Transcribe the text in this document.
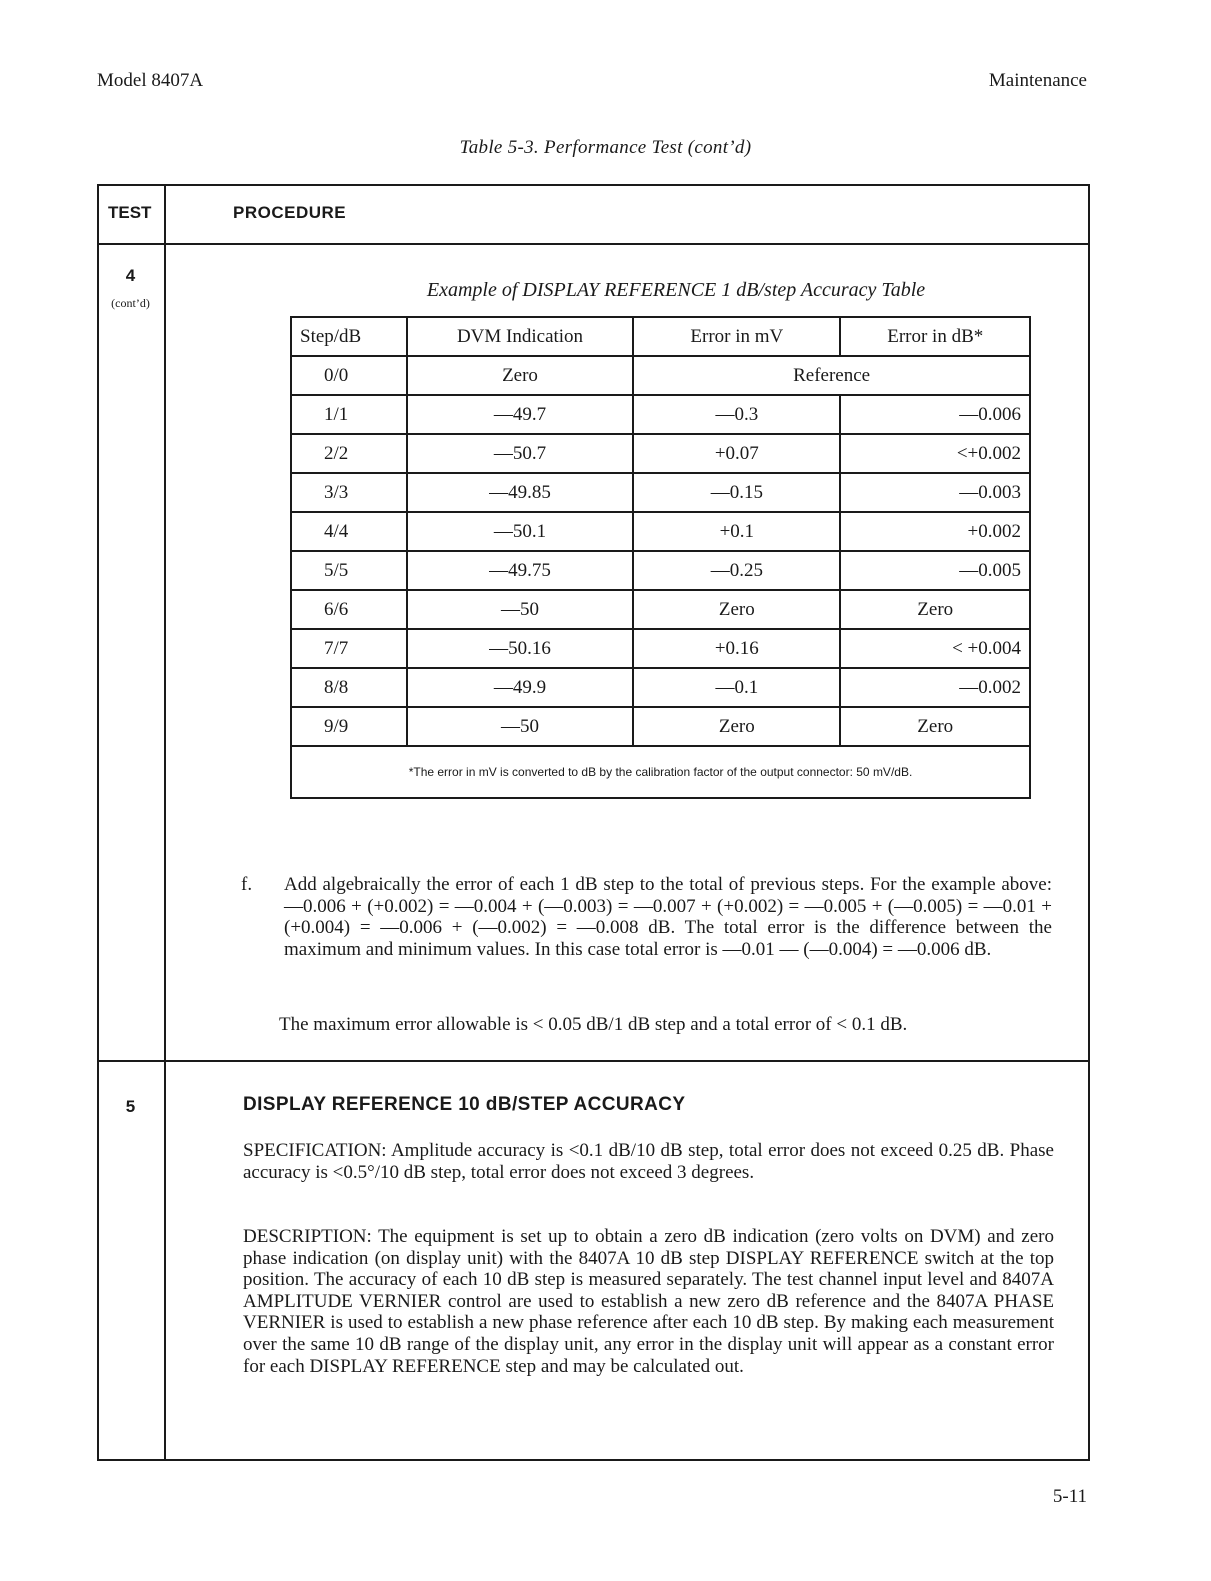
Model 8407A	Maintenance
Table 5-3. Performance Test (cont’d)
TEST	PROCEDURE
4
(cont’d)
Example of DISPLAY REFERENCE 1 dB/step Accuracy Table
Step/dB	DVM Indication	Error in mV	Error in dB*
0/0	Zero	Reference	
1/1	—49.7	—0.3	—0.006
2/2	—50.7	+0.07	<+0.002
3/3	—49.85	—0.15	—0.003
4/4	—50.1	+0.1	+0.002
5/5	—49.75	—0.25	—0.005
6/6	—50	Zero	Zero
7/7	—50.16	+0.16	< +0.004
8/8	—49.9	—0.1	—0.002
9/9	—50	Zero	Zero
*The error in mV is converted to dB by the calibration factor of the output connector: 50 mV/dB.			
f. Add algebraically the error of each 1 dB step to the total of previous steps. For the example above: —0.006 + (+0.002) = —0.004 + (—0.003) = —0.007 + (+0.002) = —0.005 + (—0.005) = —0.01 + (+0.004) = —0.006 + (—0.002) = —0.008 dB. The total error is the difference between the maximum and minimum values. In this case total error is —0.01 — (—0.004) = —0.006 dB.
The maximum error allowable is < 0.05 dB/1 dB step and a total error of < 0.1 dB.
5	DISPLAY REFERENCE 10 dB/STEP ACCURACY
SPECIFICATION: Amplitude accuracy is <0.1 dB/10 dB step, total error does not exceed 0.25 dB. Phase accuracy is <0.5°/10 dB step, total error does not exceed 3 degrees.
DESCRIPTION: The equipment is set up to obtain a zero dB indication (zero volts on DVM) and zero phase indication (on display unit) with the 8407A 10 dB step DISPLAY REFERENCE switch at the top position. The accuracy of each 10 dB step is measured separately. The test channel input level and 8407A AMPLITUDE VERNIER control are used to establish a new zero dB reference and the 8407A PHASE VERNIER is used to establish a new phase reference after each 10 dB step. By making each measurement over the same 10 dB range of the display unit, any error in the display unit will appear as a constant error for each DISPLAY REFERENCE step and may be calculated out.
5-11
